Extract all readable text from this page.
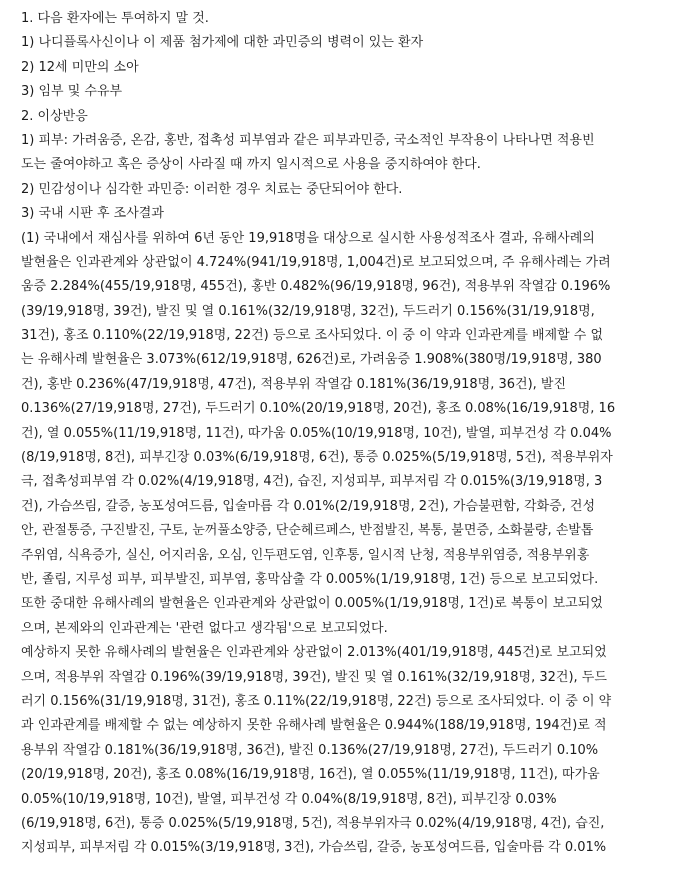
1. 다음 환자에는 투여하지 말 것.
1) 나디플록사신이나 이 제품 첨가제에 대한 과민증의 병력이 있는 환자
2) 12세 미만의 소아
3) 임부 및 수유부
2. 이상반응
1) 피부: 가려움증, 온감, 홍반, 접촉성 피부염과 같은 피부과민증, 국소적인 부작용이 나타나면 적용빈
도는 줄여야하고 혹은 증상이 사라질 때 까지 일시적으로 사용을 중지하여야 한다.
2) 민감성이나 심각한 과민증: 이러한 경우 치료는 중단되어야 한다.
3) 국내 시판 후 조사결과
(1) 국내에서 재심사를 위하여 6년 동안 19,918명을 대상으로 실시한 사용성적조사 결과, 유해사례의
발현율은 인과관계와 상관없이 4.724%(941/19,918명, 1,004건)로 보고되었으며, 주 유해사례는 가려
움증 2.284%(455/19,918명, 455건), 홍반 0.482%(96/19,918명, 96건), 적용부위 작열감 0.196%
(39/19,918명, 39건), 발진 및 열 0.161%(32/19,918명, 32건), 두드러기 0.156%(31/19,918명,
31건), 홍조 0.110%(22/19,918명, 22건) 등으로 조사되었다. 이 중 이 약과 인과관계를 배제할 수 없
는 유해사례 발현율은 3.073%(612/19,918명, 626건)로, 가려움증 1.908%(380명/19,918명, 380
건), 홍반 0.236%(47/19,918명, 47건), 적용부위 작열감 0.181%(36/19,918명, 36건), 발진
0.136%(27/19,918명, 27건), 두드러기 0.10%(20/19,918명, 20건), 홍조 0.08%(16/19,918명, 16
건), 열 0.055%(11/19,918명, 11건), 따가움 0.05%(10/19,918명, 10건), 발열, 피부건성 각 0.04%
(8/19,918명, 8건), 피부긴장 0.03%(6/19,918명, 6건), 통증 0.025%(5/19,918명, 5건), 적용부위자
극, 접촉성피부염 각 0.02%(4/19,918명, 4건), 습진, 지성피부, 피부저림 각 0.015%(3/19,918명, 3
건), 가슴쓰림, 갈증, 농포성여드름, 입술마름 각 0.01%(2/19,918명, 2건), 가슴불편함, 각화증, 건성
안, 관절통증, 구진발진, 구토, 눈꺼풀소양증, 단순헤르페스, 반점발진, 복통, 불면증, 소화불량, 손발톱
주위염, 식욕증가, 실신, 어지러움, 오심, 인두편도염, 인후통, 일시적 난청, 적용부위염증, 적용부위홍
반, 졸림, 지루성 피부, 피부발진, 피부염, 홍막삼출 각 0.005%(1/19,918명, 1건) 등으로 보고되었다.
또한 중대한 유해사례의 발현율은 인과관계와 상관없이 0.005%(1/19,918명, 1건)로 복통이 보고되었
으며, 본제와의 인과관계는 '관련 없다고 생각됨'으로 보고되었다.
예상하지 못한 유해사례의 발현율은 인과관계와 상관없이 2.013%(401/19,918명, 445건)로 보고되었
으며, 적용부위 작열감 0.196%(39/19,918명, 39건), 발진 및 열 0.161%(32/19,918명, 32건), 두드
러기 0.156%(31/19,918명, 31건), 홍조 0.11%(22/19,918명, 22건) 등으로 조사되었다. 이 중 이 약
과 인과관계를 배제할 수 없는 예상하지 못한 유해사례 발현율은 0.944%(188/19,918명, 194건)로 적
용부위 작열감 0.181%(36/19,918명, 36건), 발진 0.136%(27/19,918명, 27건), 두드러기 0.10%
(20/19,918명, 20건), 홍조 0.08%(16/19,918명, 16건), 열 0.055%(11/19,918명, 11건), 따가움
0.05%(10/19,918명, 10건), 발열, 피부건성 각 0.04%(8/19,918명, 8건), 피부긴장 0.03%
(6/19,918명, 6건), 통증 0.025%(5/19,918명, 5건), 적용부위자극 0.02%(4/19,918명, 4건), 습진,
지성피부, 피부저림 각 0.015%(3/19,918명, 3건), 가슴쓰림, 갈증, 농포성여드름, 입술마름 각 0.01%
